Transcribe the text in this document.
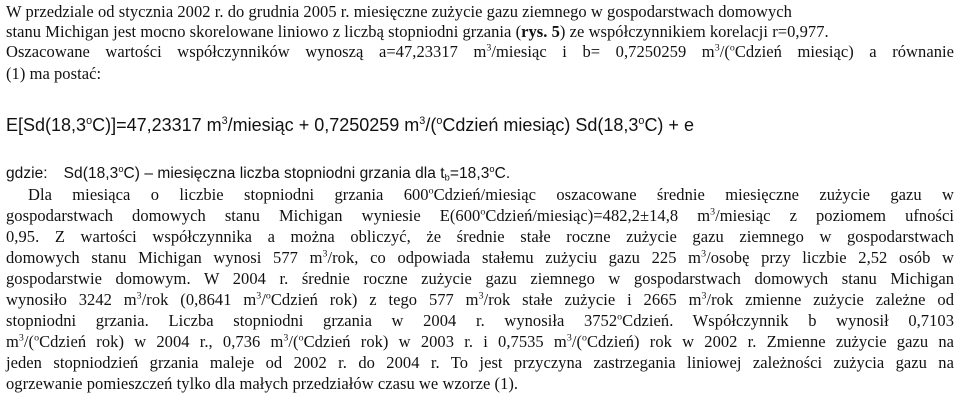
W przedziale od stycznia 2002 r. do grudnia 2005 r. miesięczne zużycie gazu ziemnego w gospodarstwach domowych
stanu Michigan jest mocno skorelowane liniowo z liczbą stopniodni grzania (rys. 5) ze współczynnikiem korelacji r=0,977.
Oszacowane wartości współczynników wynoszą a=47,23317 $m^3$/miesiąc i b= 0,7250259 $m^3/(^oCdzień$ miesiąc) a równanie
(1) ma postać:
$E[Sd(18,3^oC)]=47,23317$ $m^3$/miesiąc + 0,7250259 $m^3/(^oCdzień$ miesiąc) $Sd(18,3^oC) + e$
gdzie: Sd(18,3$^o$C) – miesięczna liczba stopniodni grzania dla $t_b=18,3^oC$.
Dla miesiąca o liczbie stopniodni grzania 600$^o$Cdzień/miesiąc oszacowane średnie miesięczne zużycie gazu w
gospodarstwach domowych stanu Michigan wyniesie $E(600^oCdzień/miesiąc)=482,2\pm 14,8$ $m^3$/miesiąc z poziomem ufności
0,95. Z wartości współczynnika a można obliczyć, że średnie stałe roczne zużycie gazu ziemnego w gospodarstwach
domowych stanu Michigan wynosi 577 $m^3$/rok, co odpowiada stałemu zużyciu gazu 225 $m^3$/osobę przy liczbie 2,52 osób w
gospodarstwie domowym. W 2004 r. średnie roczne zużycie gazu ziemnego w gospodarstwach domowych stanu Michigan
wynosiło 3242 $m^3$/rok (0,8641 $m^3/^oCdzień$ rok) z tego 577 $m^3$/rok stałe zużycie i 2665 $m^3$/rok zmienne zużycie zależne od
stopniodni grzania. Liczba stopniodni grzania w 2004 r. wynosiła 3752$^o$Cdzień. Współczynnik b wynosił 0,7103
$m^3/(^oCdzień$ rok) w 2004 r., 0,736 $m^3/(^oCdzień$ rok) w 2003 r. i 0,7535 $m^3/(^oCdzień)$ rok w 2002 r. Zmienne zużycie gazu na
jeden stopniodzień grzania maleje od 2002 r. do 2004 r. To jest przyczyna zastrzegania liniowej zależności zużycia gazu na
ogrzewanie pomieszczeń tylko dla małych przedziałów czasu we wzorze (1).
